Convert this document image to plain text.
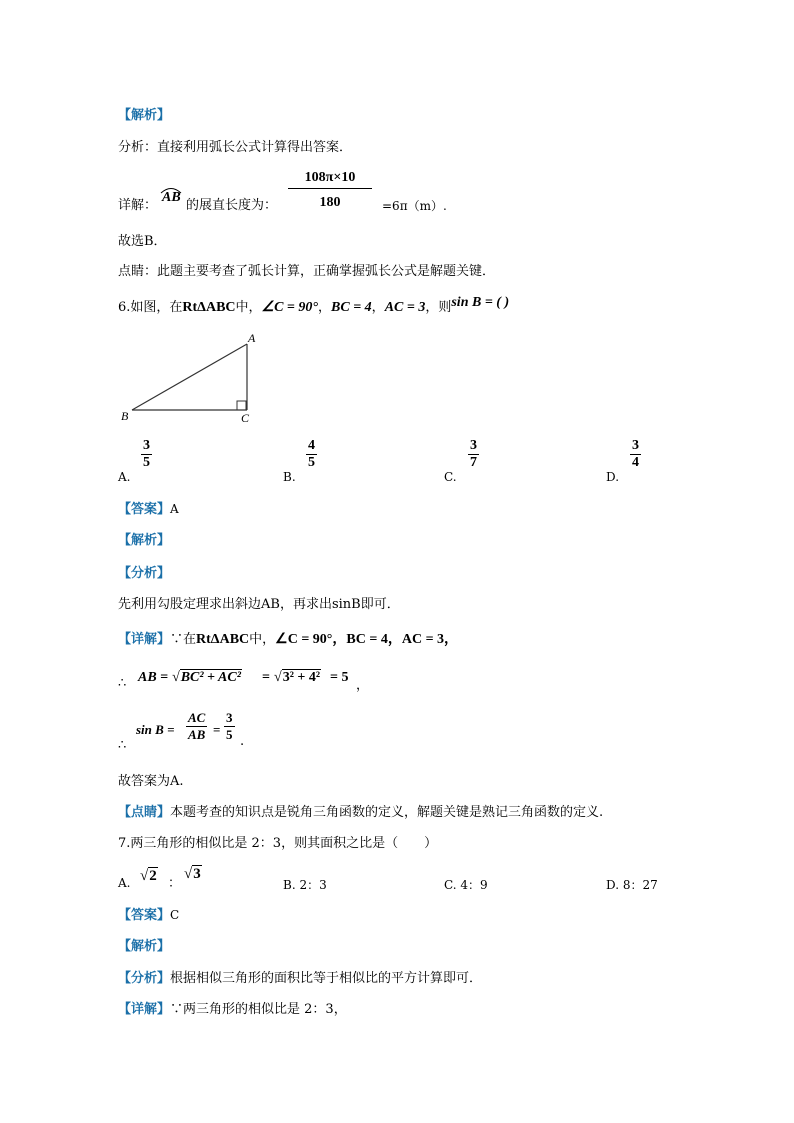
【解析】
分析：直接利用弧长公式计算得出答案．
详解：
AB
的展直长度为： $\frac{108\pi\times 10}{180} =6\pi(m)$.
故选B．
点睛：此题主要考查了弧长计算，正确掌握弧长公式是解题关键．
6.如图，在RtΔABC中，∠C = 90°，BC = 4，AC = 3，则sin B = ( )
A
B	C
A.
$\frac{3}{5}$
B.
$\frac{4}{5}$
C.
$\frac{3}{7}$
D.
$\frac{3}{4}$
【答案】A
【解析】
【分析】
先利用勾股定理求出斜边AB，再求出sinB即可．
【详解】∵在RtΔABC中，∠C = 90°，BC = 4，AC = 3，
∴ AB = √BC² + AC² = √3² + 4² = 5
，
∴
$\sin B = \frac{AC}{AB} = \frac{3}{5}$ .
故答案为A.
【点睛】本题考查的知识点是锐角三角函数的定义，解题关键是熟记三角函数的定义.
7.两三角形的相似比是 2：3，则其面积之比是（　　）
A. √2 ：
√3
B. 2：3	C. 4：9	D. 8：27
【答案】C
【解析】
【分析】根据相似三角形的面积比等于相似比的平方计算即可．
【详解】∵两三角形的相似比是 2：3，
